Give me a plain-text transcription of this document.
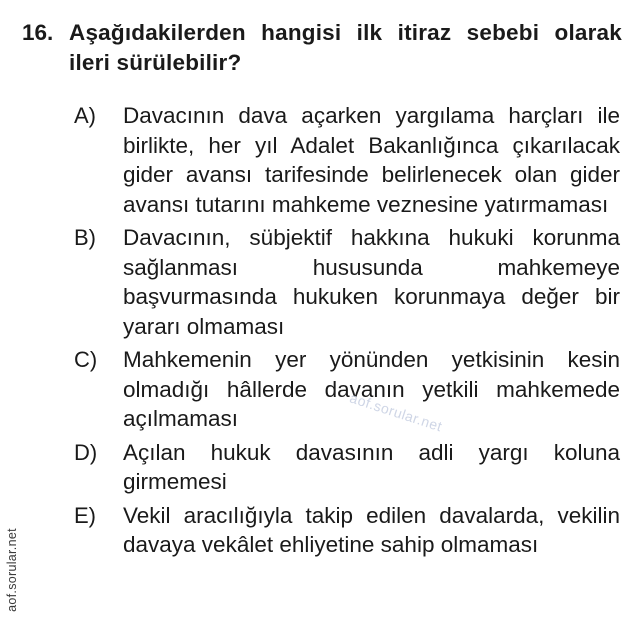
16. Aşağıdakilerden hangisi ilk itiraz sebebi olarak ileri sürülebilir?
A)	Davacının dava açarken yargılama harçları ile birlikte, her yıl Adalet Bakanlığınca çıkarılacak gider avansı tarifesinde belirlenecek olan gider avansı tutarını mahkeme veznesine yatırmaması
B)	Davacının, sübjektif hakkına hukuki korunma sağlanması hususunda mahkemeye başvurmasında hukuken korunmaya değer bir yararı olmaması
C)	Mahkemenin yer yönünden yetkisinin kesin olmadığı hâllerde davanın yetkili mahkemede açılmaması
D)	Açılan hukuk davasının adli yargı koluna girmemesi
E)	Vekil aracılığıyla takip edilen davalarda, vekilin davaya vekâlet ehliyetine sahip olmaması
aof.sorular.net
aof.sorular.net
